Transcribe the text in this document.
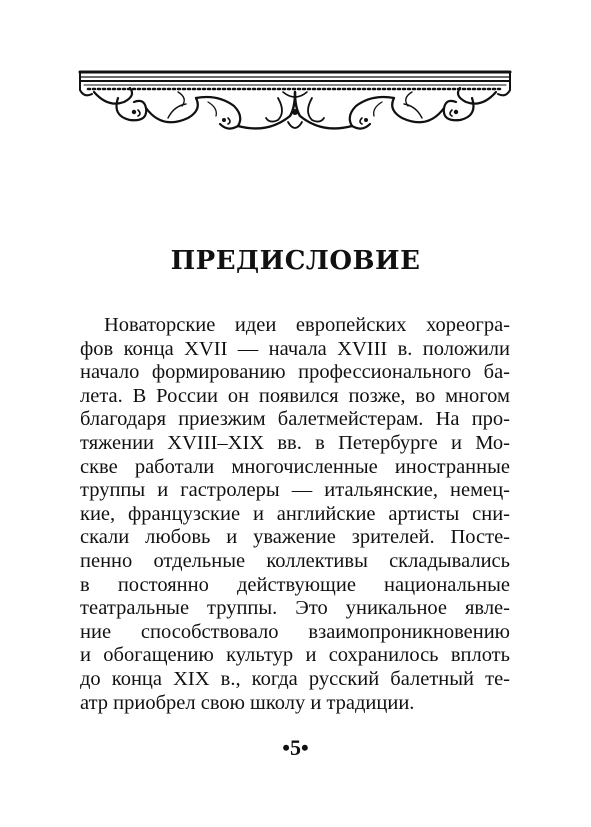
ПРЕДИСЛОВИЕ
Новаторские идеи европейских хореогра-
фов конца XVII — начала XVIII в. положили
начало формированию профессионального ба-
лета. В России он появился позже, во многом
благодаря приезжим балетмейстерам. На про-
тяжении XVIII–XIX вв. в Петербурге и Мо-
скве работали многочисленные иностранные
труппы и гастролеры — итальянские, немец-
кие, французские и английские артисты сни-
скали любовь и уважение зрителей. Посте-
пенно отдельные коллективы складывались
в постоянно действующие национальные
театральные труппы. Это уникальное явле-
ние способствовало взаимопроникновению
и обогащению культур и сохранилось вплоть
до конца XIX в., когда русский балетный те-
атр приобрел свою школу и традиции.
•5•
